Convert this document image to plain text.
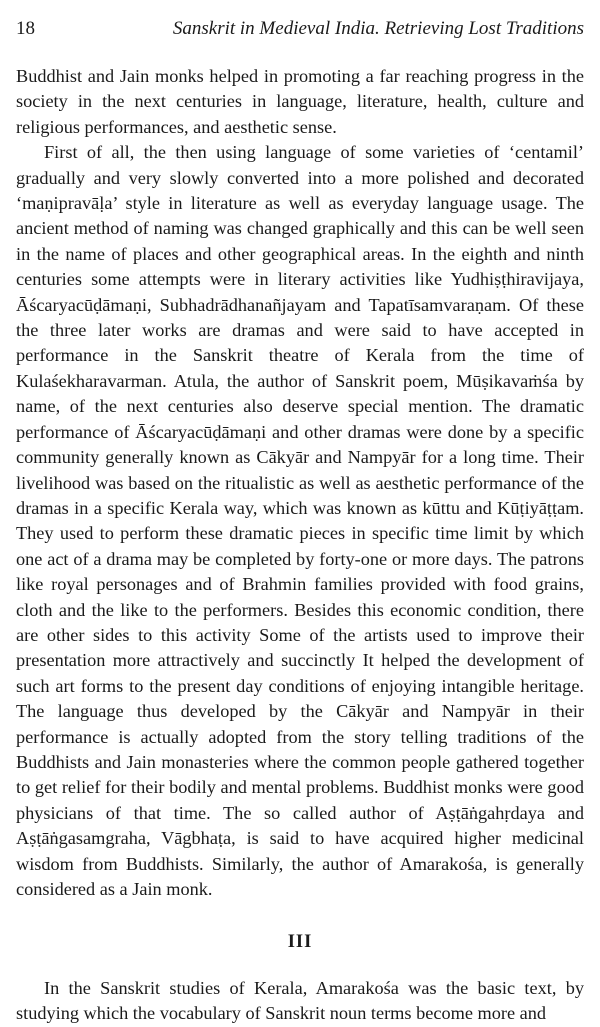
18	Sanskrit in Medieval India. Retrieving Lost Traditions

Buddhist and Jain monks helped in promoting a far reaching progress in the society in the next centuries in language, literature, health, culture and religious performances, and aesthetic sense.

First of all, the then using language of some varieties of ‘centamil’ gradually and very slowly converted into a more polished and decorated ‘maṇipravāḷa’ style in literature as well as everyday language usage. The ancient method of naming was changed graphically and this can be well seen in the name of places and other geographical areas. In the eighth and ninth centuries some attempts were in literary activities like Yudhiṣṭhiravijaya, Āścaryacūḍāmaṇi, Subhadrādhanañjayam and Tapatīsamvaraṇam. Of these the three later works are dramas and were said to have accepted in performance in the Sanskrit theatre of Kerala from the time of Kulaśekharavarman. Atula, the author of Sanskrit poem, Mūṣikavaṁśa by name, of the next centuries also deserve special mention. The dramatic performance of Āścaryacūḍāmaṇi and other dramas were done by a specific community generally known as Cākyār and Nampyār for a long time. Their livelihood was based on the ritualistic as well as aesthetic performance of the dramas in a specific Kerala way, which was known as kūttu and Kūṭiyāṭṭam. They used to perform these dramatic pieces in specific time limit by which one act of a drama may be completed by forty-one or more days. The patrons like royal personages and of Brahmin families provided with food grains, cloth and the like to the performers. Besides this economic condition, there are other sides to this activity Some of the artists used to improve their presentation more attractively and succinctly It helped the development of such art forms to the present day conditions of enjoying intangible heritage. The language thus developed by the Cākyār and Nampyār in their performance is actually adopted from the story telling traditions of the Buddhists and Jain monasteries where the common people gathered together to get relief for their bodily and mental problems. Buddhist monks were good physicians of that time. The so called author of Aṣṭāṅgahṛdaya and Aṣṭāṅgasamgraha, Vāgbhaṭa, is said to have acquired higher medicinal wisdom from Buddhists. Similarly, the author of Amarakośa, is generally considered as a Jain monk.

III

In the Sanskrit studies of Kerala, Amarakośa was the basic text, by studying which the vocabulary of Sanskrit noun terms become more and
